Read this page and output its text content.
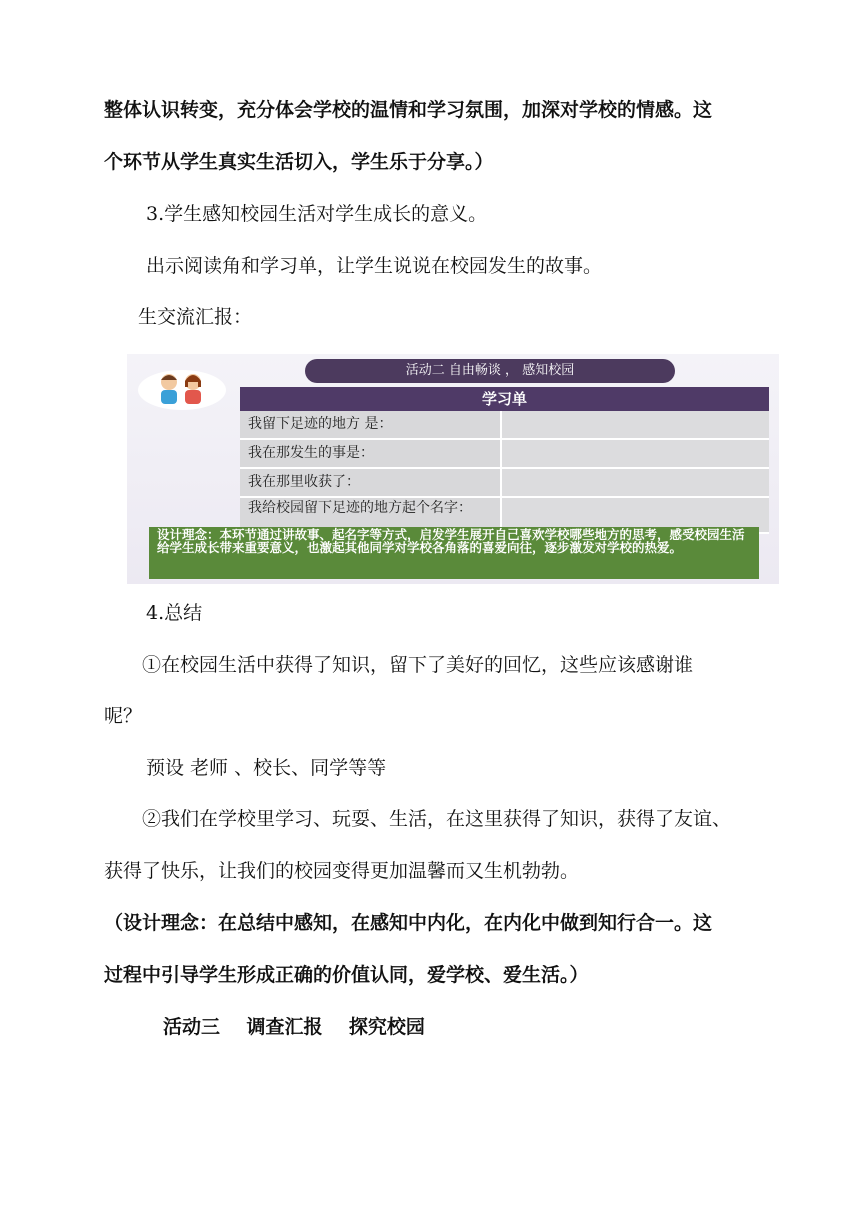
整体认识转变，充分体会学校的温情和学习氛围，加深对学校的情感。这
个环节从学生真实生活切入，学生乐于分享。）
3.学生感知校园生活对学生成长的意义。
出示阅读角和学习单，让学生说说在校园发生的故事。
生交流汇报：
活动二 自由畅谈 ， 感知校园
学习单
我留下足迹的地方 是：
我在那发生的事是：
我在那里收获了：
我给校园留下足迹的地方起个名字：
设计理念：本环节通过讲故事、起名字等方式，启发学生展开自己喜欢学校哪些地方的思考，感受校园生活给学生成长带来重要意义，也激起其他同学对学校各角落的喜爱向往，逐步激发对学校的热爱。
4.总结
①在校园生活中获得了知识，留下了美好的回忆，这些应该感谢谁
呢？
预设 老师 、校长、同学等等
②我们在学校里学习、玩耍、生活，在这里获得了知识，获得了友谊、
获得了快乐，让我们的校园变得更加温馨而又生机勃勃。
（设计理念：在总结中感知，在感知中内化，在内化中做到知行合一。这
过程中引导学生形成正确的价值认同，爱学校、爱生活。）
活动三    调查汇报    探究校园
